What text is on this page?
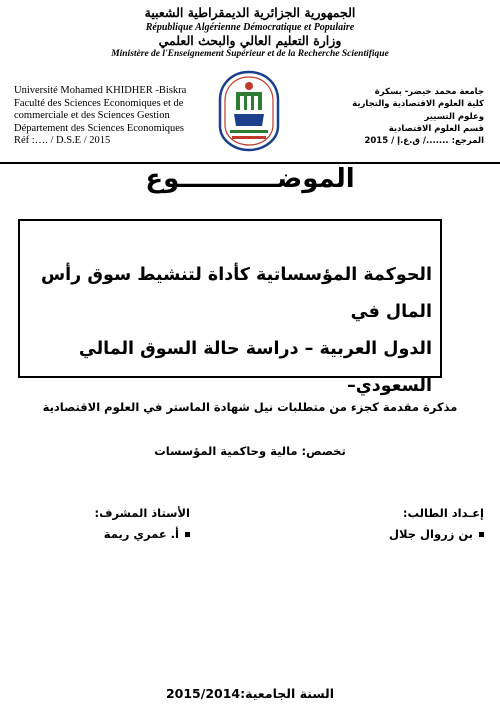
الجمهورية الجزائرية الديمقراطية الشعبية
République Algérienne Démocratique et Populaire
وزارة التعليم العالي والبحث العلمي
Ministère de l'Enseignement Supérieur et de la Recherche Scientifique
Université Mohamed KHIDHER -Biskra
Faculté des Sciences Economiques et de commerciale et des Sciences Gestion
Département des Sciences Economiques
Réf :…. / D.S.E / 2015
جامعة محمد خيضر- بسكرة
كلية العلوم الاقتصادية والتجارية
وعلوم التسيير
قسم العلوم الاقتصادية
المرجع: ......./ ق.ع.إ / 2015
الموضـــــــــــوع
الحوكمة المؤسساتية كأداة لتنشيط سوق رأس المال في
الدول العربية – دراسة حالة السوق المالي السعودي–
مذكرة مقدمة كجزء من متطلبات نيل شهادة الماستر في العلوم الاقتصادية
تخصص: مالية وحاكمية المؤسسات
إعـداد الطالب:
الأستاذ المشرف:
بن زروال جلال
أ. عمري ريمة
السنة الجامعية:2015/2014
